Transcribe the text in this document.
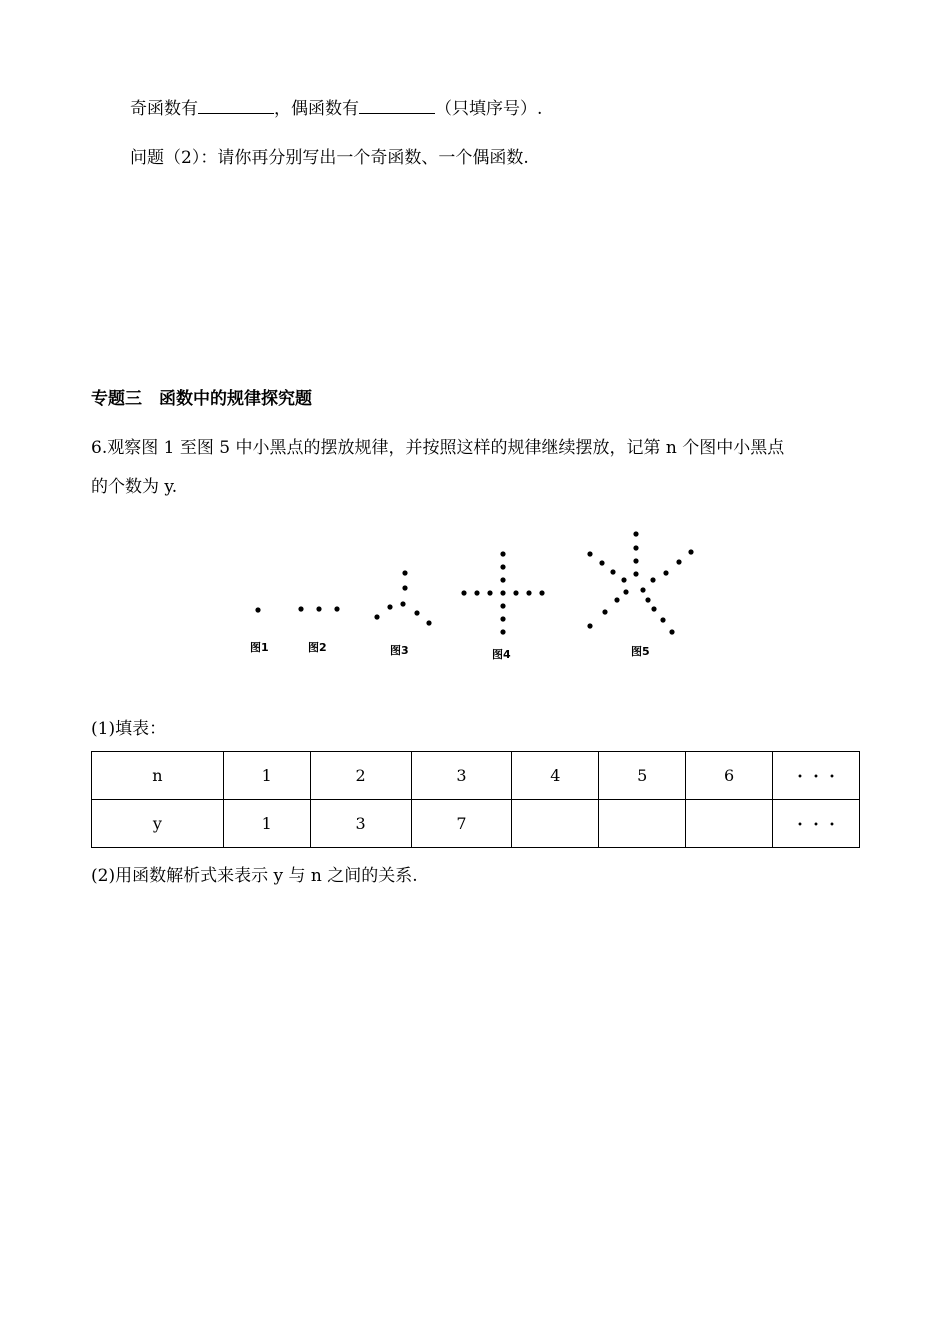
奇函数有	，偶函数有	（只填序号）.
问题（2）：请你再分别写出一个奇函数、一个偶函数.
专题三　函数中的规律探究题
6.观察图 1 至图 5 中小黑点的摆放规律，并按照这样的规律继续摆放，记第 n 个图中小黑点
的个数为 y.
图1	图2	图3	图4	图5
(1)填表：
n	1	2	3	4	5	6	・・・
y	1	3	7				・・・
(2)用函数解析式来表示 y 与 n 之间的关系.
